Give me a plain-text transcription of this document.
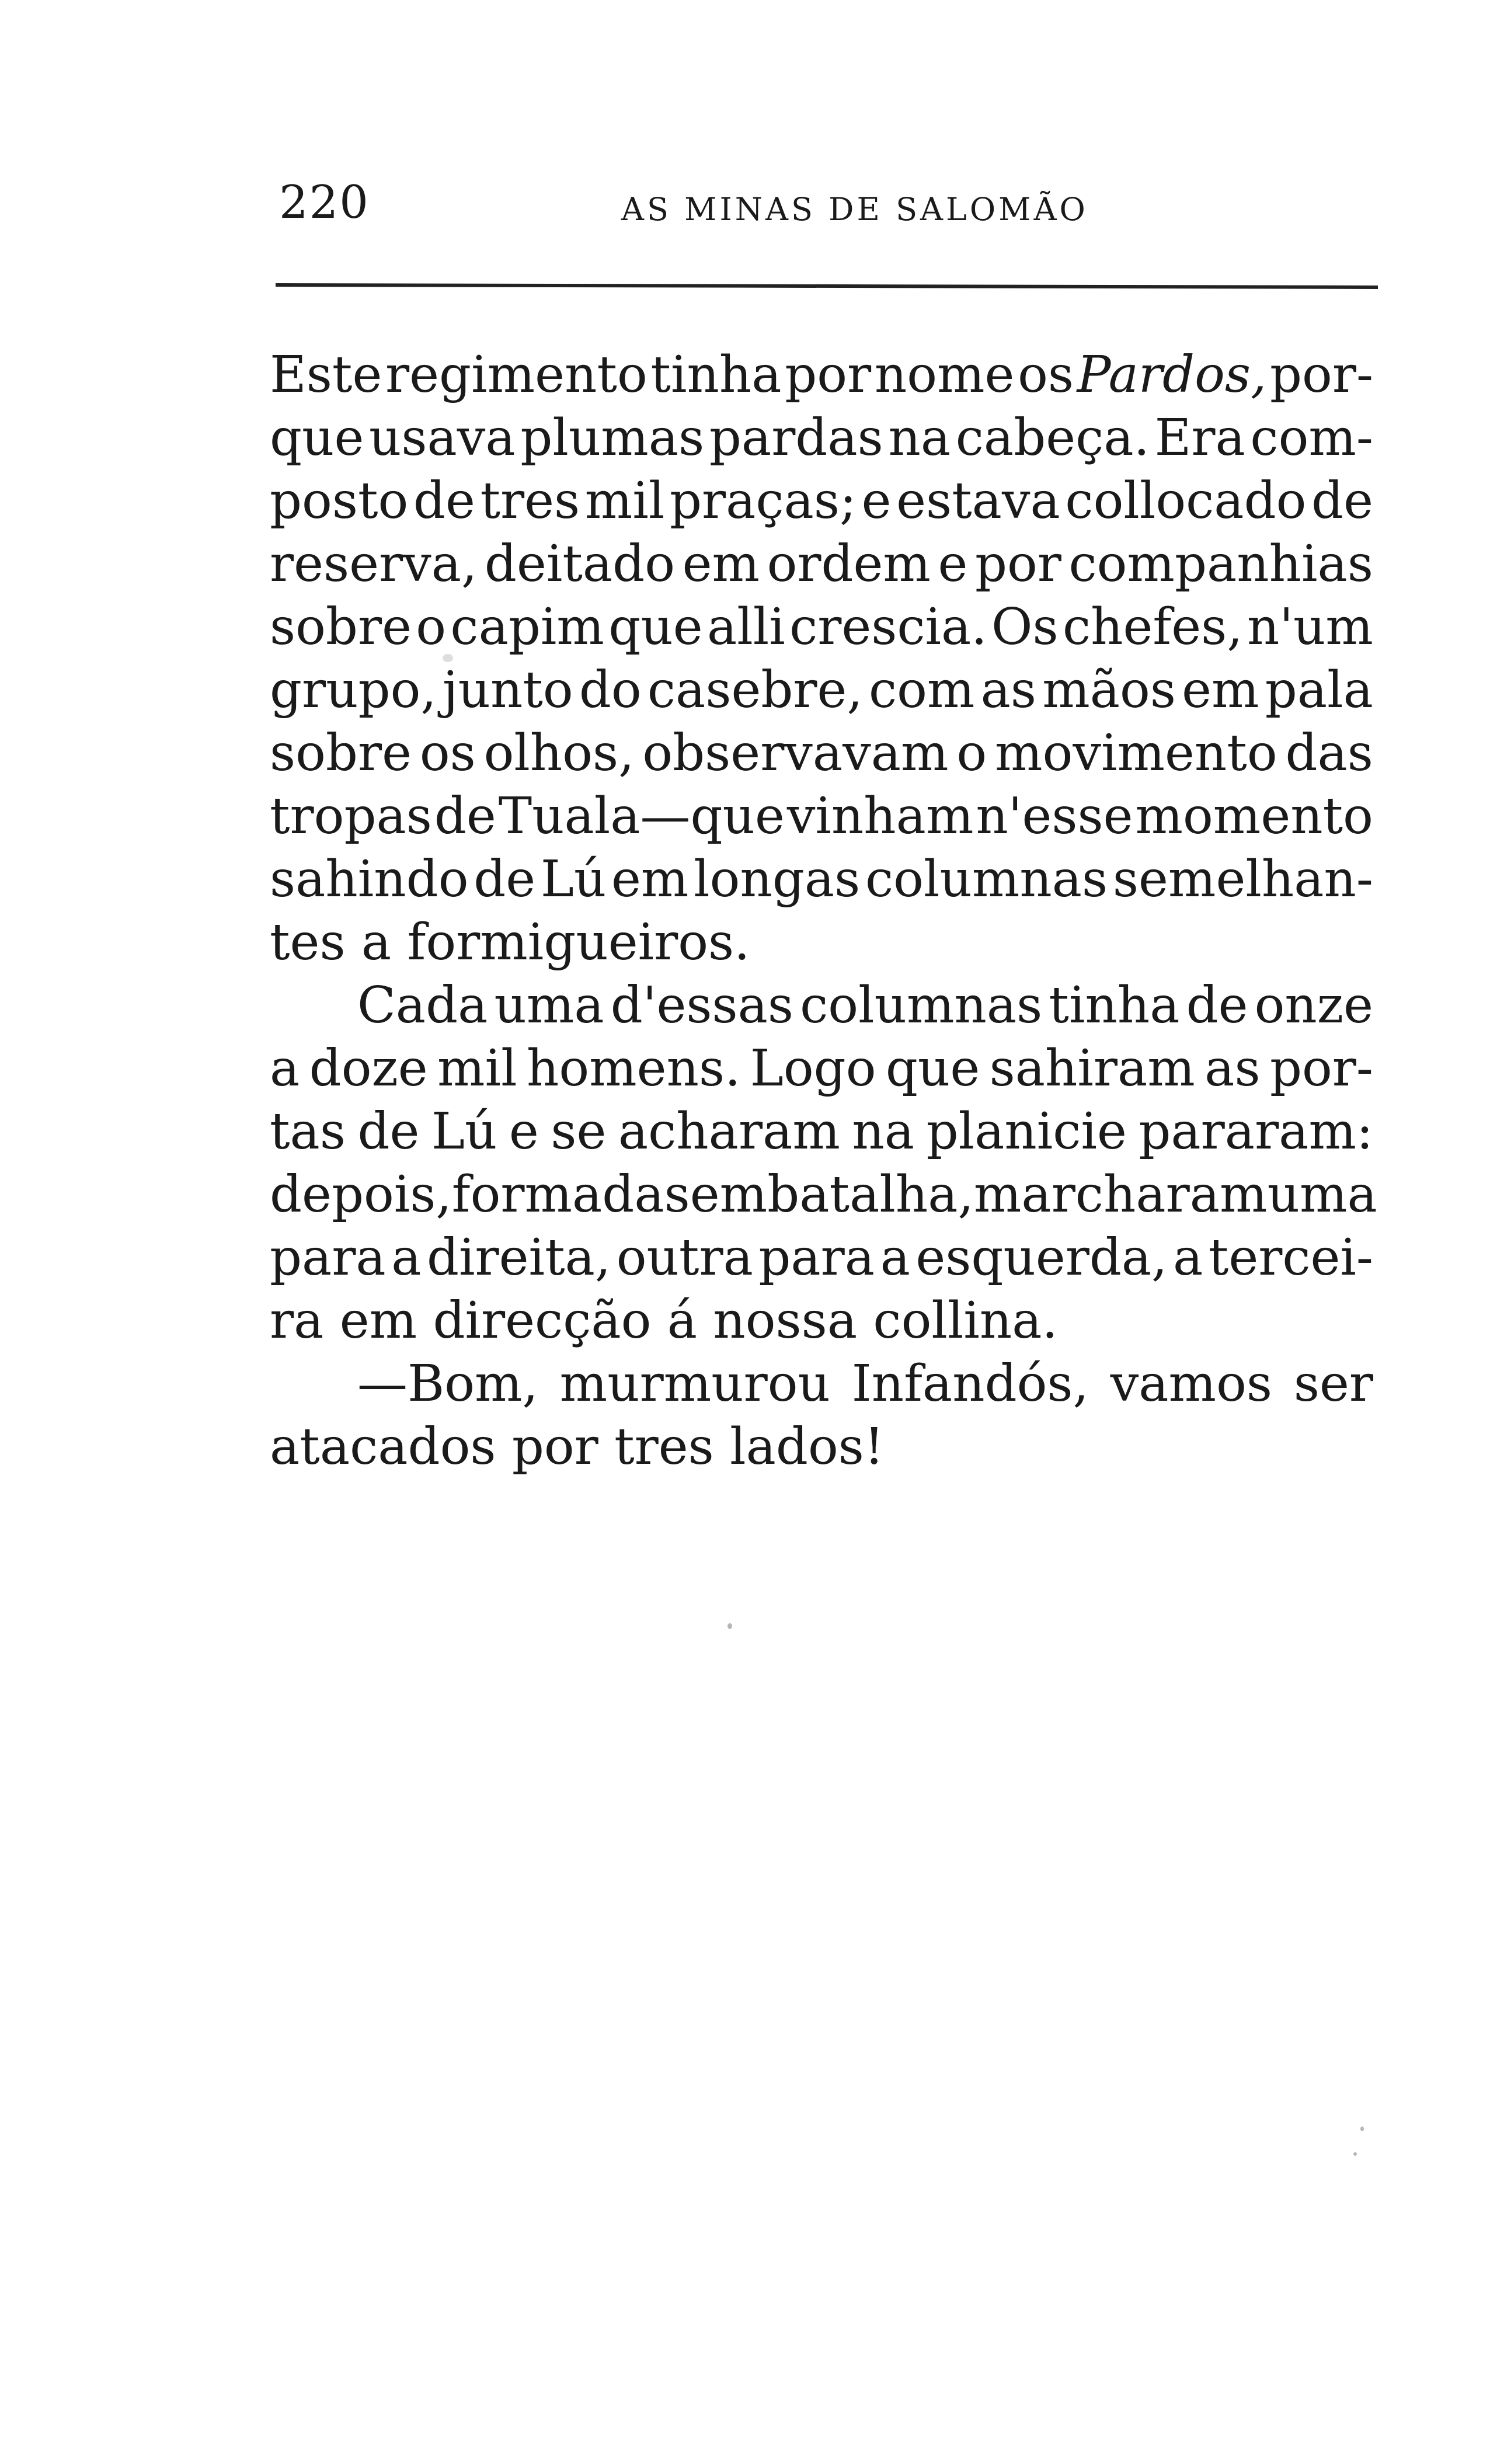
220	AS MINAS DE SALOMÃO
Este regimento tinha por nome os Pardos, por-
que usava plumas pardas na cabeça. Era com-
posto de tres mil praças; e estava collocado de
reserva, deitado em ordem e por companhias
sobre o capim que alli crescia. Os chefes, n'um
grupo, junto do casebre, com as mãos em pala
sobre os olhos, observavam o movimento das
tropas de Tuala—que vinham n'esse momento
sahindo de Lú em longas columnas semelhan-
tes a formigueiros.
Cada uma d'essas columnas tinha de onze
a doze mil homens. Logo que sahiram as por-
tas de Lú e se acharam na planicie pararam:
depois, formadas em batalha, marcharam uma
para a direita, outra para a esquerda, a tercei-
ra em direcção á nossa collina.
—Bom, murmurou Infandós, vamos ser
atacados por tres lados!
